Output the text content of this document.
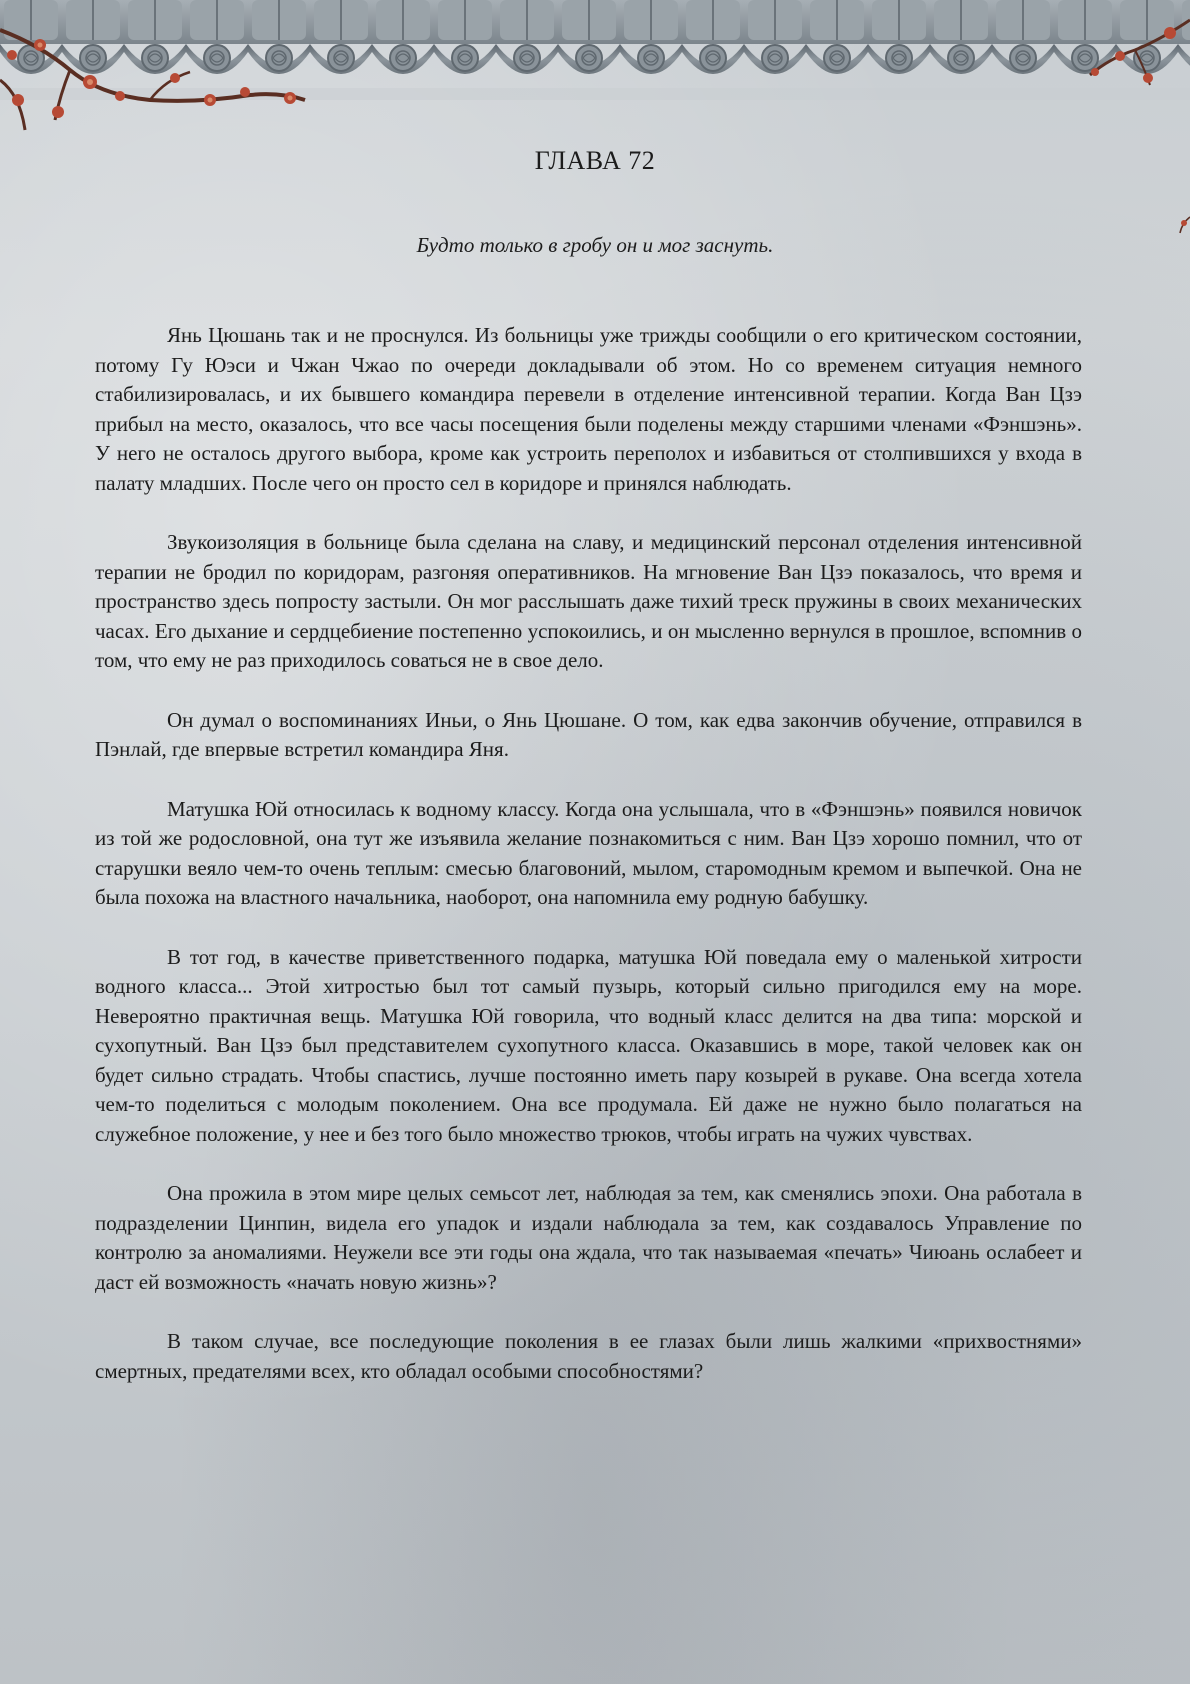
ГЛАВА 72

Будто только в гробу он и мог заснуть.

Янь Цюшань так и не проснулся. Из больницы уже трижды сообщили о его критическом состоянии, потому Гу Юэси и Чжан Чжао по очереди докладывали об этом. Но со временем ситуация немного стабилизировалась, и их бывшего командира перевели в отделение интенсивной терапии. Когда Ван Цзэ прибыл на место, оказалось, что все часы посещения были поделены между старшими членами «Фэншэнь». У него не осталось другого выбора, кроме как устроить переполох и избавиться от столпившихся у входа в палату младших. После чего он просто сел в коридоре и принялся наблюдать.

Звукоизоляция в больнице была сделана на славу, и медицинский персонал отделения интенсивной терапии не бродил по коридорам, разгоняя оперативников. На мгновение Ван Цзэ показалось, что время и пространство здесь попросту застыли. Он мог расслышать даже тихий треск пружины в своих механических часах. Его дыхание и сердцебиение постепенно успокоились, и он мысленно вернулся в прошлое, вспомнив о том, что ему не раз приходилось соваться не в свое дело.

Он думал о воспоминаниях Иньи, о Янь Цюшане. О том, как едва закончив обучение, отправился в Пэнлай, где впервые встретил командира Яня.

Матушка Юй относилась к водному классу. Когда она услышала, что в «Фэншэнь» появился новичок из той же родословной, она тут же изъявила желание познакомиться с ним. Ван Цзэ хорошо помнил, что от старушки веяло чем-то очень теплым: смесью благовоний, мылом, старомодным кремом и выпечкой. Она не была похожа на властного начальника, наоборот, она напомнила ему родную бабушку.

В тот год, в качестве приветственного подарка, матушка Юй поведала ему о маленькой хитрости водного класса... Этой хитростью был тот самый пузырь, который сильно пригодился ему на море. Невероятно практичная вещь. Матушка Юй говорила, что водный класс делится на два типа: морской и сухопутный. Ван Цзэ был представителем сухопутного класса. Оказавшись в море, такой человек как он будет сильно страдать. Чтобы спастись, лучше постоянно иметь пару козырей в рукаве. Она всегда хотела чем-то поделиться с молодым поколением. Она все продумала. Ей даже не нужно было полагаться на служебное положение, у нее и без того было множество трюков, чтобы играть на чужих чувствах.

Она прожила в этом мире целых семьсот лет, наблюдая за тем, как сменялись эпохи. Она работала в подразделении Цинпин, видела его упадок и издали наблюдала за тем, как создавалось Управление по контролю за аномалиями. Неужели все эти годы она ждала, что так называемая «печать» Чиюань ослабеет и даст ей возможность «начать новую жизнь»?

В таком случае, все последующие поколения в ее глазах были лишь жалкими «прихвостнями» смертных, предателями всех, кто обладал особыми способностями?
